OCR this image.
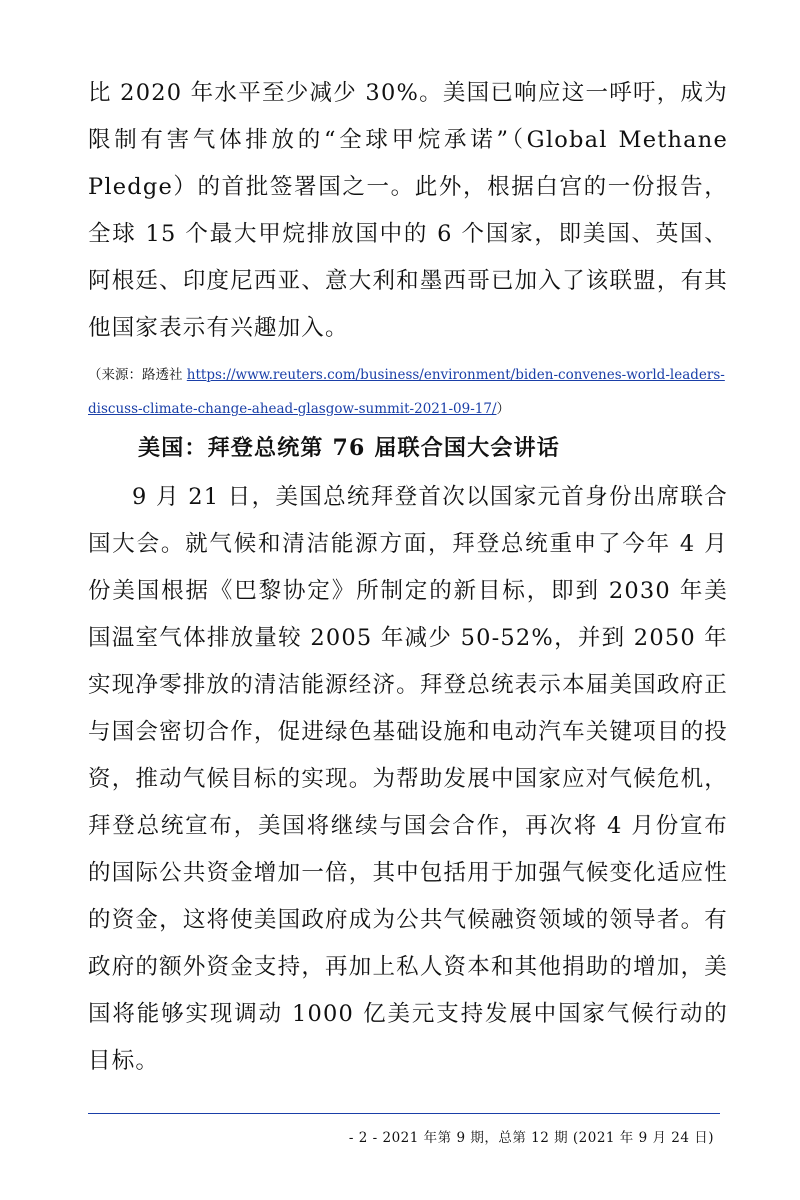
比 2020 年水平至少减少 30%。美国已响应这一呼吁，成为限制有害气体排放的“全球甲烷承诺”（Global Methane Pledge）的首批签署国之一。此外，根据白宫的一份报告，全球 15 个最大甲烷排放国中的 6 个国家，即美国、英国、阿根廷、印度尼西亚、意大利和墨西哥已加入了该联盟，有其他国家表示有兴趣加入。

（来源：路透社 https://www.reuters.com/business/environment/biden-convenes-world-leaders-discuss-climate-change-ahead-glasgow-summit-2021-09-17/）
美国：拜登总统第 76 届联合国大会讲话

9 月 21 日，美国总统拜登首次以国家元首身份出席联合国大会。就气候和清洁能源方面，拜登总统重申了今年 4 月份美国根据《巴黎协定》所制定的新目标，即到 2030 年美国温室气体排放量较 2005 年减少 50-52%，并到 2050 年实现净零排放的清洁能源经济。拜登总统表示本届美国政府正与国会密切合作，促进绿色基础设施和电动汽车关键项目的投资，推动气候目标的实现。为帮助发展中国家应对气候危机，拜登总统宣布，美国将继续与国会合作，再次将 4 月份宣布的国际公共资金增加一倍，其中包括用于加强气候变化适应性的资金，这将使美国政府成为公共气候融资领域的领导者。有政府的额外资金支持，再加上私人资本和其他捐助的增加，美国将能够实现调动 1000 亿美元支持发展中国家气候行动的目标。

- 2 - 2021 年第 9 期，总第 12 期 (2021 年 9 月 24 日)
